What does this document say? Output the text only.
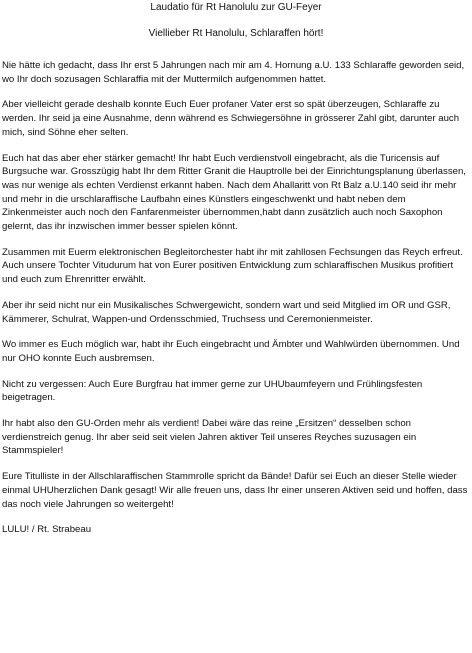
Laudatio für Rt Hanolulu zur GU-Feyer
Viellieber Rt Hanolulu, Schlaraffen hört!

Nie hätte ich gedacht, dass Ihr erst 5 Jahrungen nach mir am 4. Hornung a.U. 133 Schlaraffe geworden seid, wo Ihr doch sozusagen Schlaraffia mit der Muttermilch aufgenommen hattet.

Aber vielleicht gerade deshalb konnte Euch Euer profaner Vater erst so spät überzeugen, Schlaraffe zu werden. Ihr seid ja eine Ausnahme, denn während es Schwiegersöhne in grösserer Zahl gibt, darunter auch mich, sind Söhne eher selten.

Euch hat das aber eher stärker gemacht! Ihr habt Euch verdienstvoll eingebracht, als die Turicensis auf Burgsuche war. Grosszügig habt Ihr dem Ritter Granit die Hauptrolle bei der Einrichtungsplanung überlassen, was nur wenige als echten Verdienst erkannt haben. Nach dem Ahallaritt von Rt Balz a.U.140 seid ihr mehr und mehr in die urschlaraffische Laufbahn eines Künstlers eingeschwenkt und habt neben dem Zinkenmeister auch noch den Fanfarenmeister übernommen,habt dann zusätzlich auch noch Saxophon gelernt, das ihr inzwischen immer besser spielen könnt.

Zusammen mit Euerm elektronischen Begleitorchester habt ihr mit zahllosen Fechsungen das Reych erfreut. Auch unsere Tochter Vitudurum hat von Eurer positiven Entwicklung zum schlaraffischen Musikus profitiert und euch zum Ehrenritter erwählt.

Aber ihr seid nicht nur ein Musikalisches Schwergewicht, sondern wart und seid Mitglied im OR und GSR, Kämmerer, Schulrat, Wappen-und Ordensschmied, Truchsess und Ceremonienmeister.

Wo immer es Euch möglich war, habt ihr Euch eingebracht und Ämbter und Wahlwürden übernommen. Und nur OHO konnte Euch ausbremsen.

Nicht zu vergessen: Auch Eure Burgfrau hat immer gerne zur UHUbaumfeyern und Frühlingsfesten beigetragen.

Ihr habt also den GU-Orden mehr als verdient! Dabei wäre das reine „Ersitzen“ desselben schon verdienstreich genug. Ihr aber seid seit vielen Jahren aktiver Teil unseres Reyches suzusagen ein Stammspieler!

Eure Titulliste in der Allschlaraffischen Stammrolle spricht da Bände! Dafür sei Euch an dieser Stelle wieder einmal UHUherzlichen Dank gesagt! Wir alle freuen uns, dass Ihr einer unseren Aktiven seid und hoffen, dass das noch viele Jahrungen so weitergeht!

LULU! / Rt. Strabeau
